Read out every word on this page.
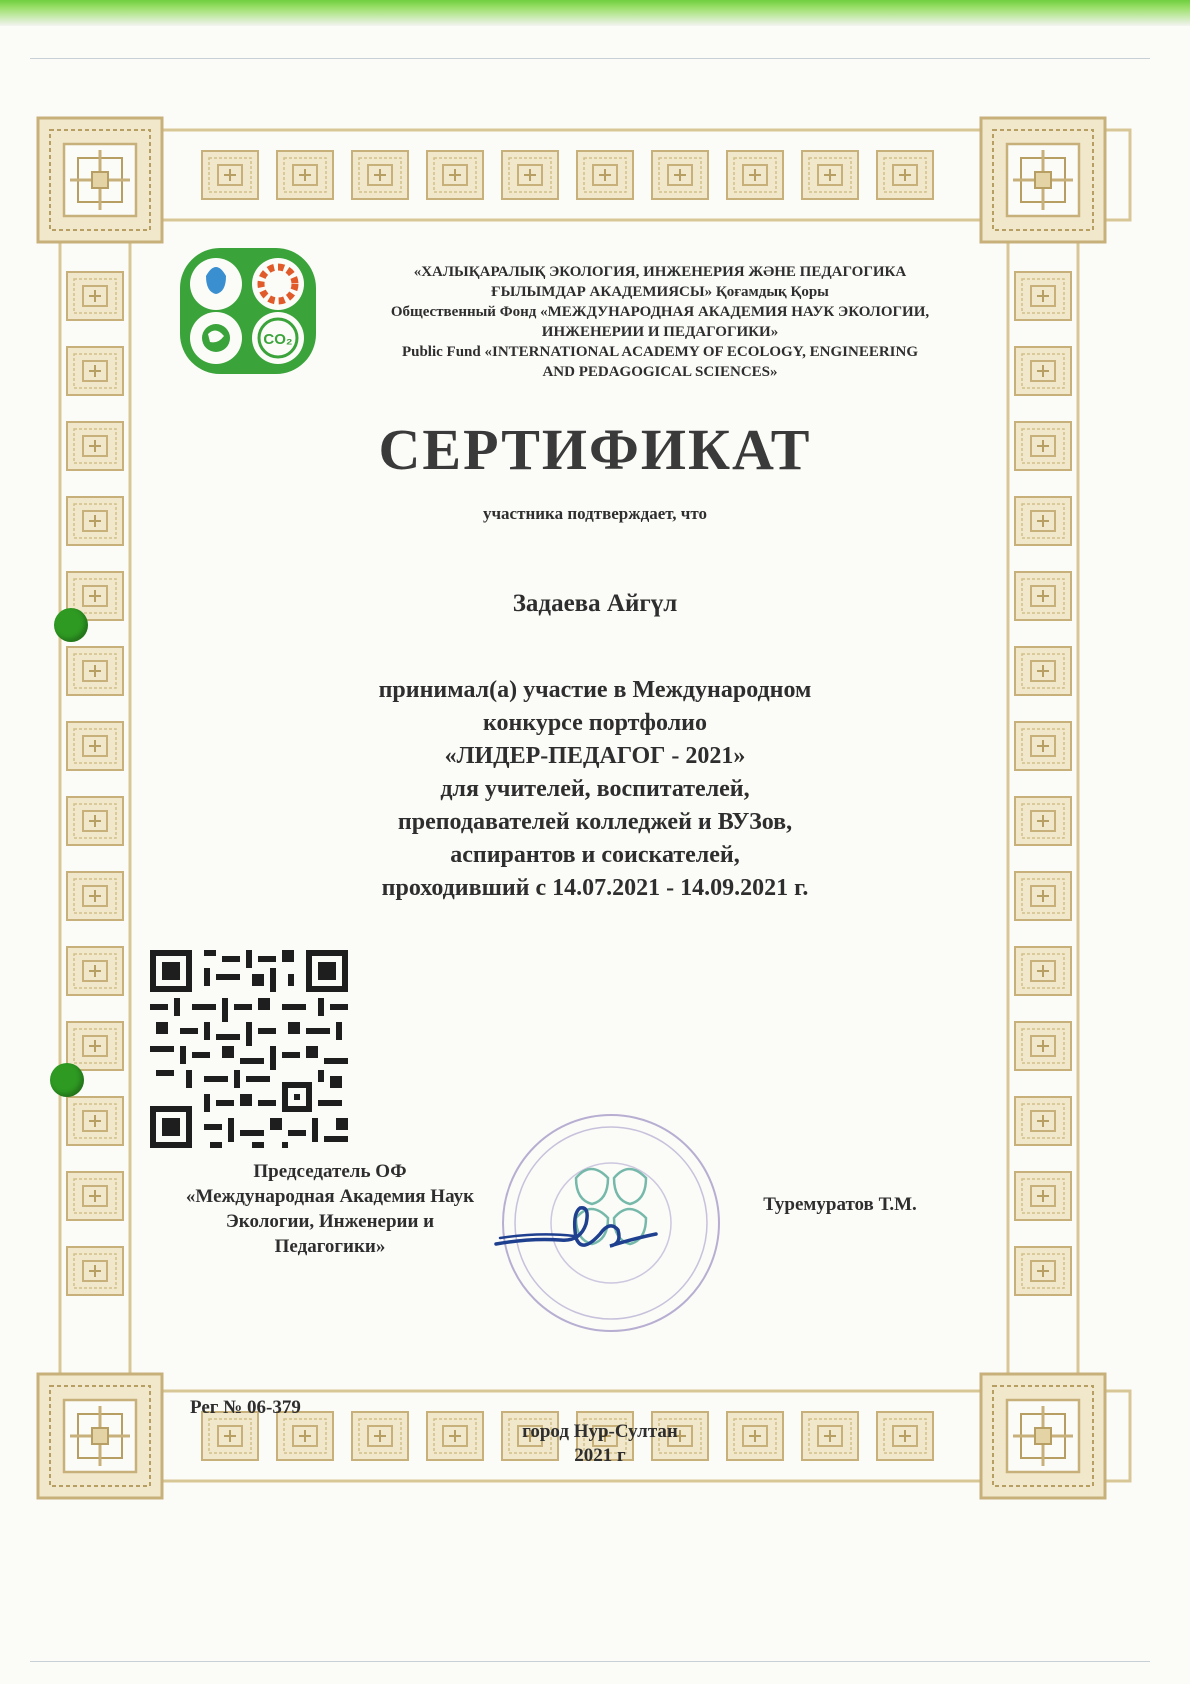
CO₂
«ХАЛЫҚАРАЛЫҚ ЭКОЛОГИЯ, ИНЖЕНЕРИЯ ЖӘНЕ ПЕДАГОГИКА
ҒЫЛЫМДАР АКАДЕМИЯСЫ» Қоғамдық Қоры
Общественный Фонд «МЕЖДУНАРОДНАЯ АКАДЕМИЯ НАУК ЭКОЛОГИИ,
ИНЖЕНЕРИИ И ПЕДАГОГИКИ»
Public Fund «INTERNATIONAL ACADEMY OF ECOLOGY, ENGINEERING
AND PEDAGOGICAL SCIENCES»
СЕРТИФИКАТ
участника подтверждает, что
Задаева Айгүл
принимал(а) участие в Международном
конкурсе портфолио
«ЛИДЕР-ПЕДАГОГ - 2021»
для учителей, воспитателей,
преподавателей колледжей и ВУЗов,
аспирантов и соискателей,
проходивший с 14.07.2021 - 14.09.2021 г.
Председатель ОФ
«Международная Академия Наук
Экологии, Инженерии и
Педагогики»
Туремуратов Т.М.
Рег № 06-379
город Нур-Султан
2021 г
